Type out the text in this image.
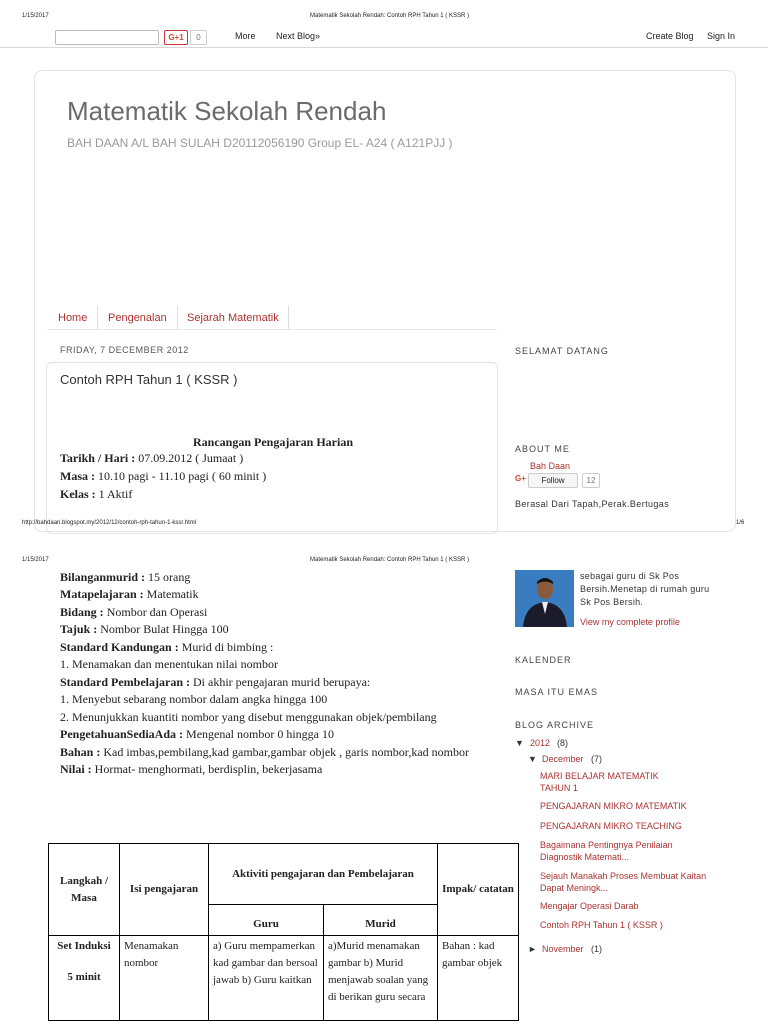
1/15/2017	Matematik Sekolah Rendah: Contoh RPH Tahun 1 ( KSSR )
G+1	0	More Next Blog»	Create Blog Sign In
Matematik Sekolah Rendah
BAH DAAN A/L BAH SULAH D20112056190 Group EL- A24 ( A121PJJ )
Home Pengenalan Sejarah Matematik
FRIDAY, 7 DECEMBER 2012
Contoh RPH Tahun 1 ( KSSR )
Rancangan Pengajaran Harian
Tarikh / Hari : 07.09.2012 ( Jumaat )
Masa : 10.10 pagi - 11.10 pagi ( 60 minit )
Kelas : 1 Aktif
SELAMAT DATANG
ABOUT ME
Bah Daan
G+	Follow	12
Berasal Dari Tapah,Perak.Bertugas
http://bahdaan.blogspot.my/2012/12/contoh-rph-tahun-1-kssr.html	1/6
1/15/2017	Matematik Sekolah Rendah: Contoh RPH Tahun 1 ( KSSR )
Bilanganmurid : 15 orang
Matapelajaran : Matematik
Bidang : Nombor dan Operasi
Tajuk : Nombor Bulat Hingga 100
Standard Kandungan : Murid di bimbing :
1. Menamakan dan menentukan nilai nombor
Standard Pembelajaran : Di akhir pengajaran murid berupaya:
1. Menyebut sebarang nombor dalam angka hingga 100
2. Menunjukkan kuantiti nombor yang disebut menggunakan objek/pembilang
PengetahuanSediaAda : Mengenal nombor 0 hingga 10
Bahan : Kad imbas,pembilang,kad gambar,gambar objek , garis nombor,kad nombor
Nilai : Hormat- menghormati, berdisplin, bekerjasama
Langkah / Masa	Isi pengajaran	Aktiviti pengajaran dan Pembelajaran		Impak/ catatan
		Guru	Murid	

Set Induksi
5 minit	Menamakan nombor	a) Guru mempamerkan kad gambar dan bersoal jawab b) Guru kaitkan	a)Murid menamakan gambar b) Murid menjawab soalan yang di berikan guru secara	Bahan : kad gambar objek
sebagai guru di Sk Pos Bersih.Menetap di rumah guru Sk Pos Bersih.
View my complete profile
KALENDER
MASA ITU EMAS
BLOG ARCHIVE
▼ 2012 (8)
▼ December (7)
MARI BELAJAR MATEMATIK TAHUN 1
PENGAJARAN MIKRO MATEMATIK
PENGAJARAN MIKRO TEACHING
Bagaimana Pentingnya Penilaian Diagnostik Matemati...
Sejauh Manakah Proses Membuat Kaitan Dapat Meningk...
Mengajar Operasi Darab
Contoh RPH Tahun 1 ( KSSR )
► November (1)
